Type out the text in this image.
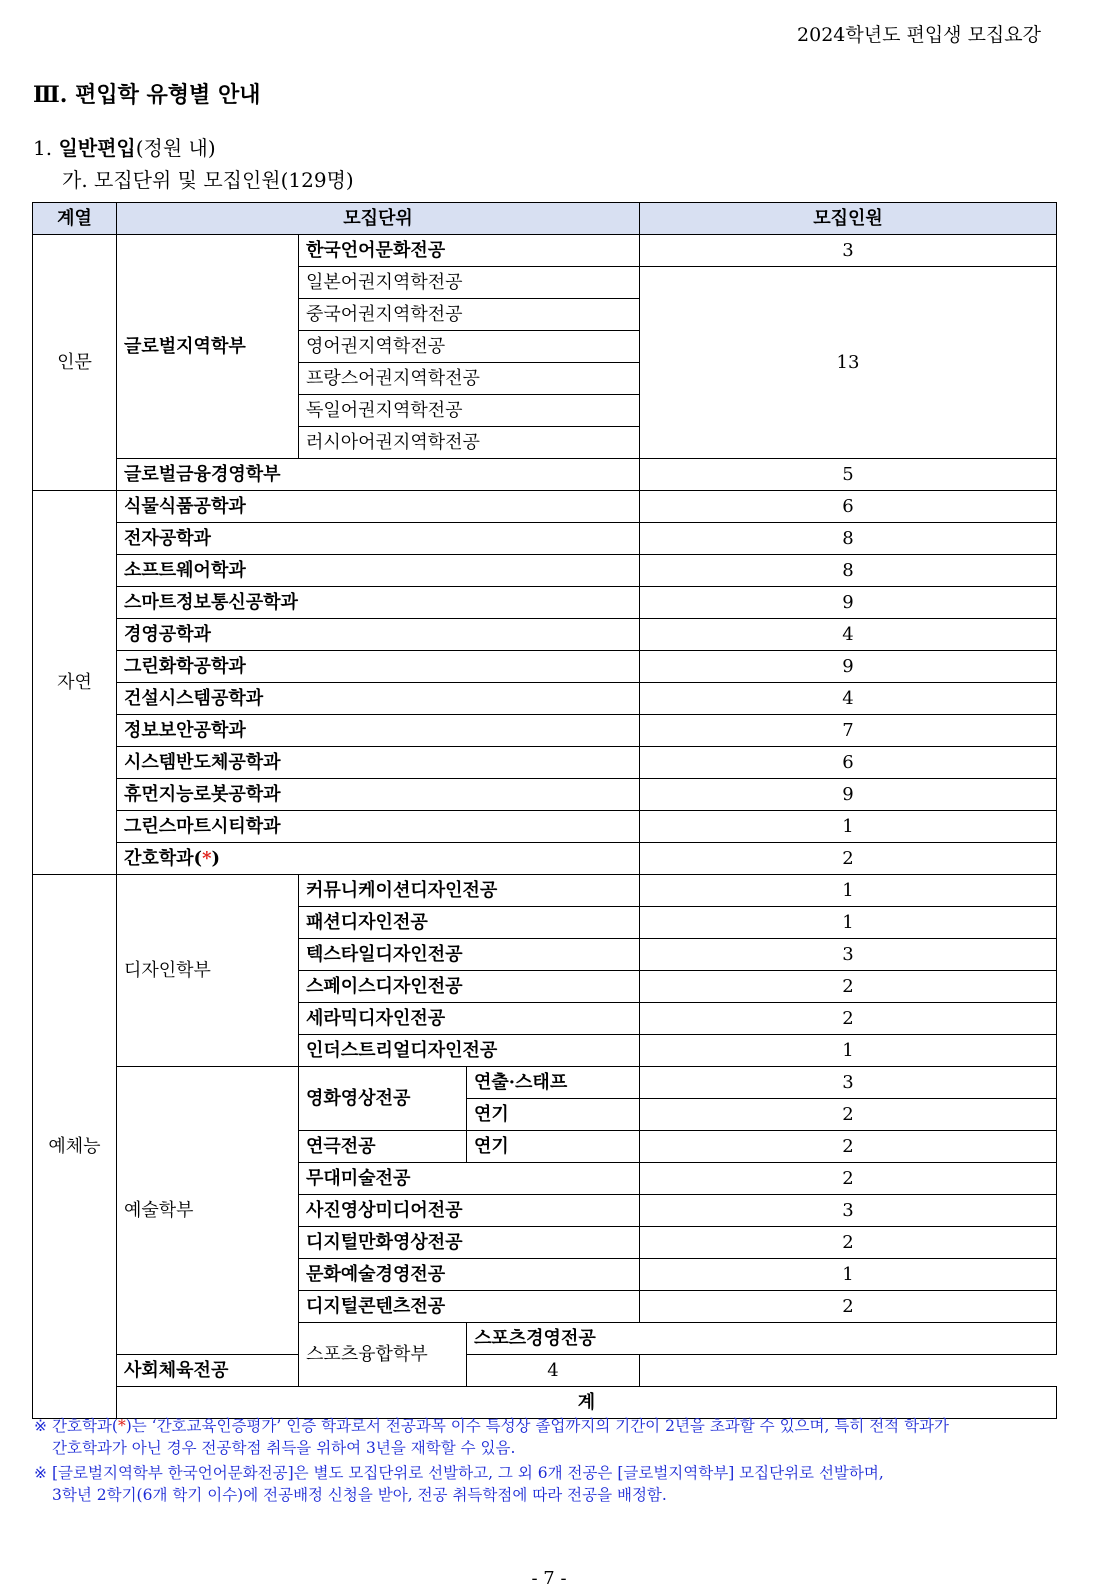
2024학년도 편입생 모집요강
Ⅲ. 편입학 유형별 안내
1. 일반편입(정원 내)
가. 모집단위 및 모집인원(129명)
계열	모집단위			모집인원	
인문	글로벌지역학부	한국언어문화전공		3	
		일본어권지역학전공		13	
		중국어권지역학전공			
		영어권지역학전공			
		프랑스어권지역학전공			
		독일어권지역학전공			
		러시아어권지역학전공			
	글로벌금융경영학부			5	
자연	식물식품공학과			6	
	전자공학과			8	
	소프트웨어학과			8	
	스마트정보통신공학과			9	
	경영공학과			4	
	그린화학공학과			9	
	건설시스템공학과			4	
	정보보안공학과			7	
	시스템반도체공학과			6	
	휴먼지능로봇공학과			9	
	그린스마트시티학과			1	
	간호학과(*)			2	
예체능	디자인학부	커뮤니케이션디자인전공		1	
		패션디자인전공		1	
		텍스타일디자인전공		3	
		스페이스디자인전공		2	
		세라믹디자인전공		2	
		인더스트리얼디자인전공		1	
	예술학부	영화영상전공	연출·스태프	3	
			연기	2	
		연극전공	연기	2	
		무대미술전공		2	
		사진영상미디어전공		3	
		디지털만화영상전공		2	
		문화예술경영전공		1	
		디지털콘텐츠전공		2	
		스포츠융합학부	스포츠경영전공	
	사회체육전공		4		
	계	
※ 간호학과(*)는 ‘간호교육인증평가’ 인증 학과로서 전공과목 이수 특성상 졸업까지의 기간이 2년을 초과할 수 있으며, 특히 전적 학과가
간호학과가 아닌 경우 전공학점 취득을 위하여 3년을 재학할 수 있음.
※ [글로벌지역학부 한국언어문화전공]은 별도 모집단위로 선발하고, 그 외 6개 전공은 [글로벌지역학부] 모집단위로 선발하며,
3학년 2학기(6개 학기 이수)에 전공배정 신청을 받아, 전공 취득학점에 따라 전공을 배정함.
- 7 -
